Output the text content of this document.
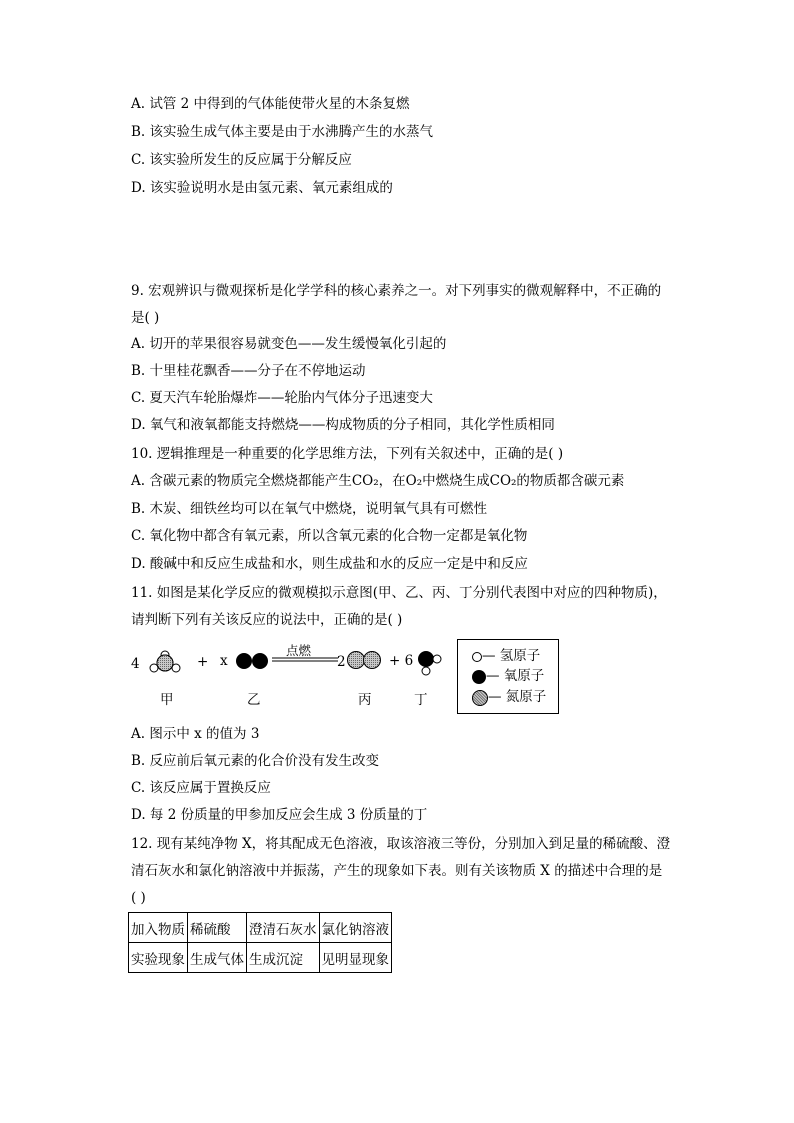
A. 试管 2 中得到的气体能使带火星的木条复燃
B. 该实验生成气体主要是由于水沸腾产生的水蒸气
C. 该实验所发生的反应属于分解反应
D. 该实验说明水是由氢元素、氧元素组成的
9. 宏观辨识与微观探析是化学学科的核心素养之一。对下列事实的微观解释中，不正确的
是( )
A. 切开的苹果很容易就变色——发生缓慢氧化引起的
B. 十里桂花飘香——分子在不停地运动
C. 夏天汽车轮胎爆炸——轮胎内气体分子迅速变大
D. 氧气和液氧都能支持燃烧——构成物质的分子相同，其化学性质相同
10. 逻辑推理是一种重要的化学思维方法，下列有关叙述中，正确的是( )
A. 含碳元素的物质完全燃烧都能产生CO₂，在O₂中燃烧生成CO₂的物质都含碳元素
B. 木炭、细铁丝均可以在氧气中燃烧，说明氧气具有可燃性
C. 氧化物中都含有氧元素，所以含氧元素的化合物一定都是氧化物
D. 酸碱中和反应生成盐和水，则生成盐和水的反应一定是中和反应
11. 如图是某化学反应的微观模拟示意图(甲、乙、丙、丁分别代表图中对应的四种物质)，
请判断下列有关该反应的说法中，正确的是( )
4	+ x
点燃
2	+ 6
甲	乙	丙	丁
— 氢原子
— 氧原子
— 氮原子
A. 图示中 x 的值为 3
B. 反应前后氧元素的化合价没有发生改变
C. 该反应属于置换反应
D. 每 2 份质量的甲参加反应会生成 3 份质量的丁
12. 现有某纯净物 X，将其配成无色溶液，取该溶液三等份，分别加入到足量的稀硫酸、澄
清石灰水和氯化钠溶液中并振荡，产生的现象如下表。则有关该物质 X 的描述中合理的是
( )
加入物质	稀硫酸	澄清石灰水	氯化钠溶液
实验现象	生成气体	生成沉淀	见明显现象
